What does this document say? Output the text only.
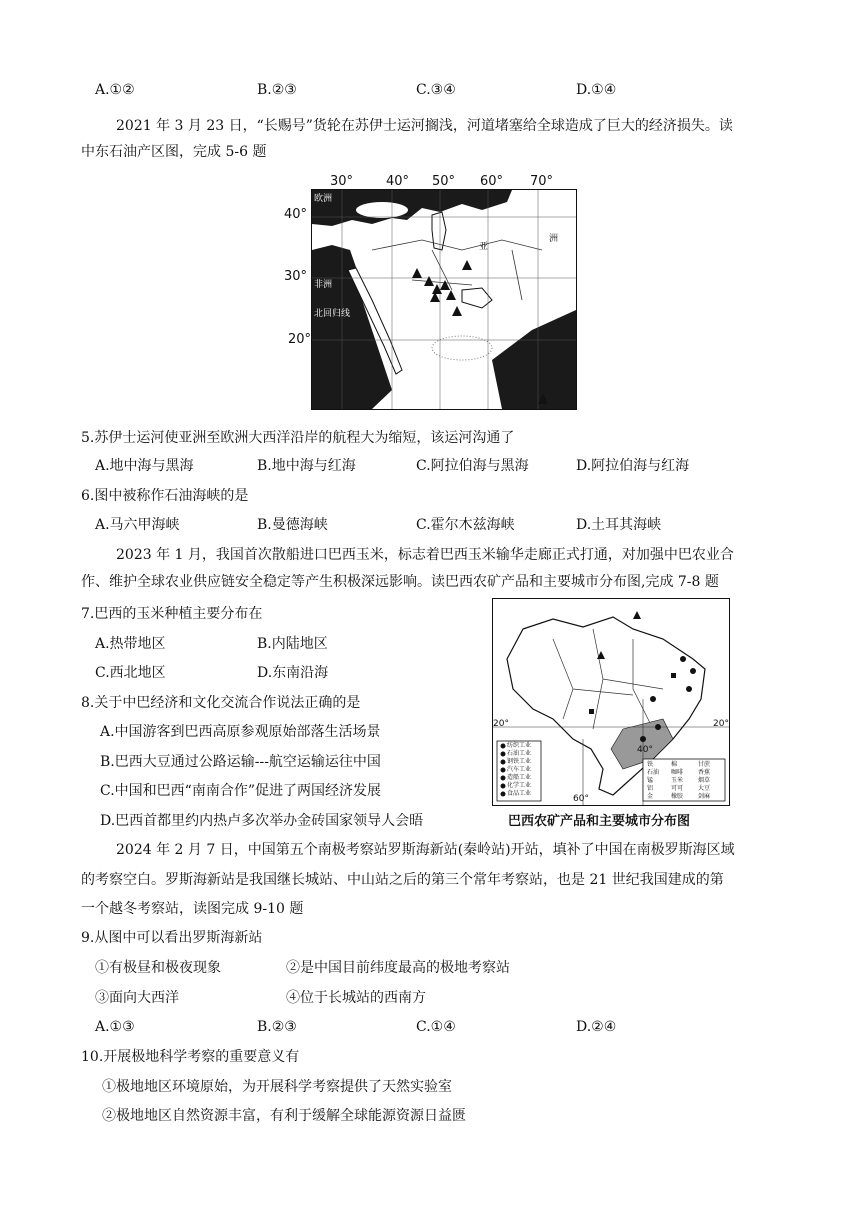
A.①②	B.②③	C.③④	D.①④
2021 年 3 月 23 日，“长赐号”货轮在苏伊士运河搁浅，河道堵塞给全球造成了巨大的经济损失。读
中东石油产区图，完成 5-6 题
30°	40° 50° 60° 70°
40°
30°
20°
欧洲
亚
洲
非洲
北回归线
5.苏伊士运河使亚洲至欧洲大西洋沿岸的航程大为缩短，该运河沟通了
A.地中海与黑海	B.地中海与红海	C.阿拉伯海与黑海	D.阿拉伯海与红海
6.图中被称作石油海峡的是
A.马六甲海峡	B.曼德海峡	C.霍尔木兹海峡	D.土耳其海峡
2023 年 1 月，我国首次散船进口巴西玉米，标志着巴西玉米输华走廊正式打通，对加强中巴农业合
作、维护全球农业供应链安全稳定等产生积极深远影响。读巴西农矿产品和主要城市分布图,完成 7-8 题
7.巴西的玉米种植主要分布在
A.热带地区	B.内陆地区
C.西北地区	D.东南沿海
8.关于中巴经济和文化交流合作说法正确的是
A.中国游客到巴西高原参观原始部落生活场景
B.巴西大豆通过公路运输---航空运输运往中国
C.中国和巴西“南南合作”促进了两国经济发展
D.巴西首都里约内热卢多次举办金砖国家领导人会晤
20°	20°
40°
60°
纺织工业
石油工业
钢铁工业
汽车工业
造船工业
化学工业
食品工业
铁
石油
锰
铝
金
棉
咖啡
玉米
可可
橡胶
甘蔗
香蕉
烟草
大豆
剑麻
巴西农矿产品和主要城市分布图
2024 年 2 月 7 日，中国第五个南极考察站罗斯海新站(秦岭站)开站，填补了中国在南极罗斯海区域
的考察空白。罗斯海新站是我国继长城站、中山站之后的第三个常年考察站，也是 21 世纪我国建成的第
一个越冬考察站，读图完成 9-10 题
9.从图中可以看出罗斯海新站
①有极昼和极夜现象	②是中国目前纬度最高的极地考察站
③面向大西洋	④位于长城站的西南方
A.①③	B.②③	C.①④	D.②④
10.开展极地科学考察的重要意义有
①极地地区环境原始，为开展科学考察提供了天然实验室
②极地地区自然资源丰富，有利于缓解全球能源资源日益匮
